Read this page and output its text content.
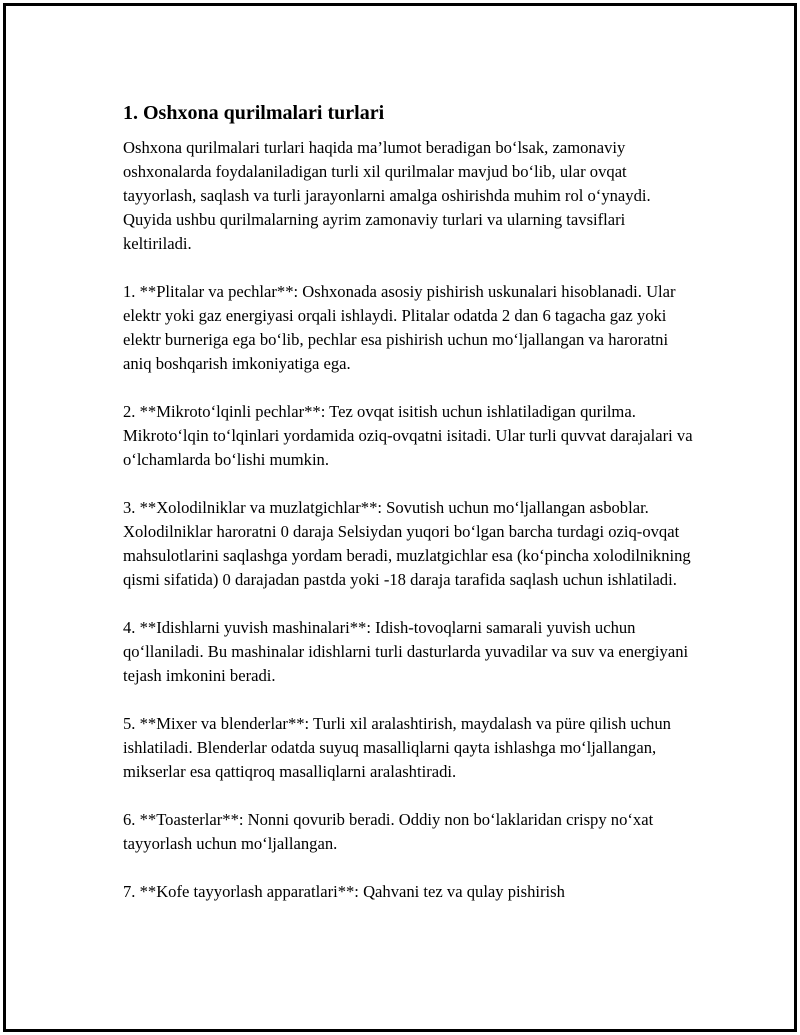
1. Oshxona qurilmalari turlari

Oshxona qurilmalari turlari haqida ma’lumot beradigan bo‘lsak, zamonaviy oshxonalarda foydalaniladigan turli xil qurilmalar mavjud bo‘lib, ular ovqat tayyorlash, saqlash va turli jarayonlarni amalga oshirishda muhim rol o‘ynaydi. Quyida ushbu qurilmalarning ayrim zamonaviy turlari va ularning tavsiflari keltiriladi.

1. **Plitalar va pechlar**: Oshxonada asosiy pishirish uskunalari hisoblanadi. Ular elektr yoki gaz energiyasi orqali ishlaydi. Plitalar odatda 2 dan 6 tagacha gaz yoki elektr burneriga ega bo‘lib, pechlar esa pishirish uchun mo‘ljallangan va haroratni aniq boshqarish imkoniyatiga ega.

2. **Mikroto‘lqinli pechlar**: Tez ovqat isitish uchun ishlatiladigan qurilma. Mikroto‘lqin to‘lqinlari yordamida oziq-ovqatni isitadi. Ular turli quvvat darajalari va o‘lchamlarda bo‘lishi mumkin.

3. **Xolodilniklar va muzlatgichlar**: Sovutish uchun mo‘ljallangan asboblar. Xolodilniklar haroratni 0 daraja Selsiydan yuqori bo‘lgan barcha turdagi oziq-ovqat mahsulotlarini saqlashga yordam beradi, muzlatgichlar esa (ko‘pincha xolodilnikning qismi sifatida) 0 darajadan pastda yoki -18 daraja tarafida saqlash uchun ishlatiladi.

4. **Idishlarni yuvish mashinalari**: Idish-tovoqlarni samarali yuvish uchun qo‘llaniladi. Bu mashinalar idishlarni turli dasturlarda yuvadilar va suv va energiyani tejash imkonini beradi.

5. **Mixer va blenderlar**: Turli xil aralashtirish, maydalash va püre qilish uchun ishlatiladi. Blenderlar odatda suyuq masalliqlarni qayta ishlashga mo‘ljallangan, mikserlar esa qattiqroq masalliqlarni aralashtiradi.

6. **Toasterlar**: Nonni qovurib beradi. Oddiy non bo‘laklaridan crispy no‘xat tayyorlash uchun mo‘ljallangan.

7. **Kofe tayyorlash apparatlari**: Qahvani tez va qulay pishirish
